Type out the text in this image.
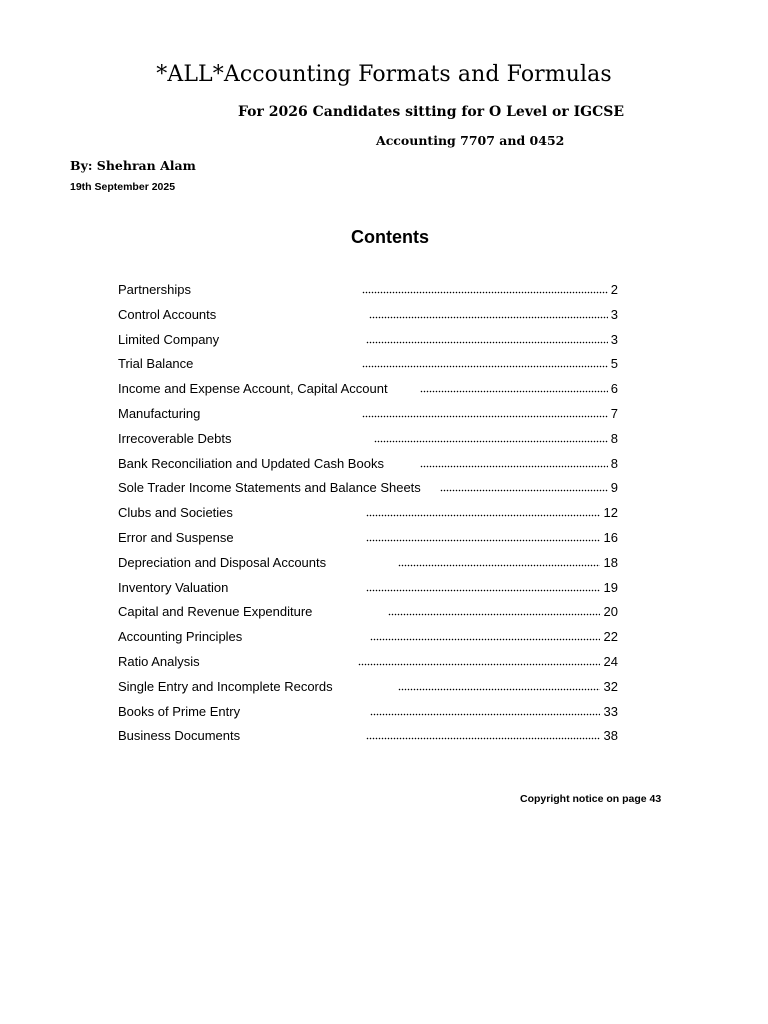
*ALL*Accounting Formats and Formulas
For 2026 Candidates sitting for O Level or IGCSE
Accounting 7707 and 0452
By: Shehran Alam
19th September 2025
Contents
Partnerships	2
Control Accounts	3
Limited Company	3
Trial Balance	5
Income and Expense Account, Capital Account	6
Manufacturing	7
Irrecoverable Debts	8
Bank Reconciliation and Updated Cash Books	8
Sole Trader Income Statements and Balance Sheets	9
Clubs and Societies	12
Error and Suspense	16
Depreciation and Disposal Accounts	18
Inventory Valuation	19
Capital and Revenue Expenditure	20
Accounting Principles	22
Ratio Analysis	24
Single Entry and Incomplete Records	32
Books of Prime Entry	33
Business Documents	38
Copyright notice on page 43
